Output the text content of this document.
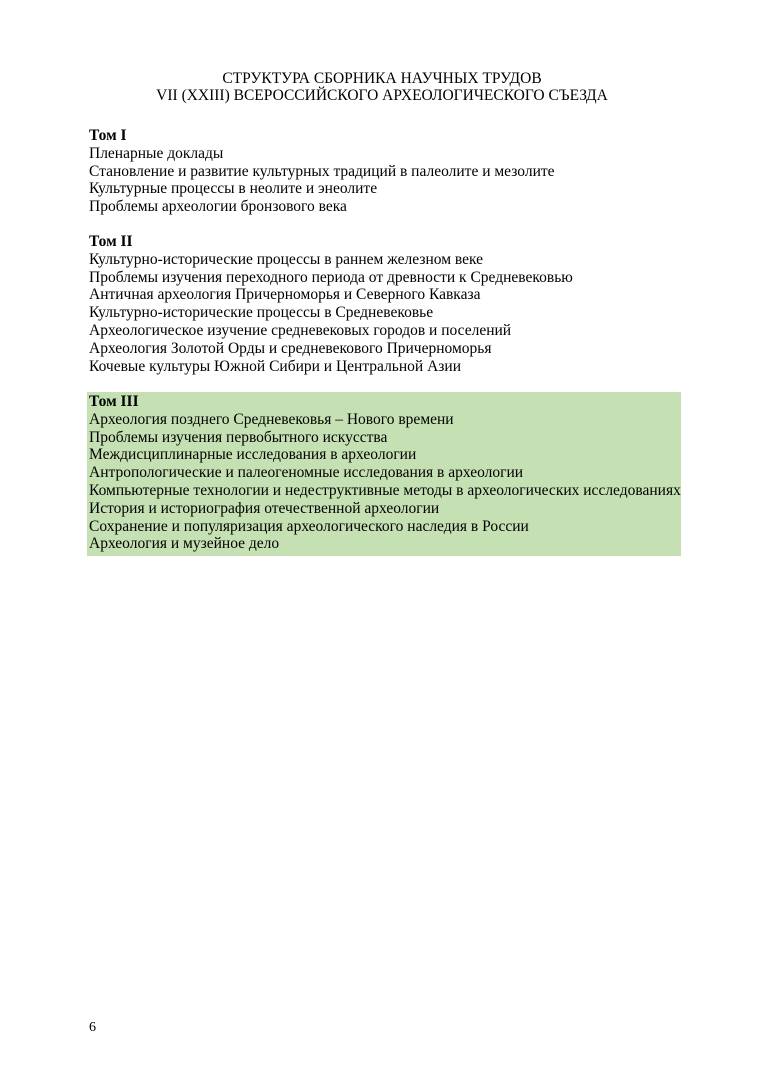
СТРУКТУРА СБОРНИКА НАУЧНЫХ ТРУДОВ
VII (XXIII) ВСЕРОССИЙСКОГО АРХЕОЛОГИЧЕСКОГО СЪЕЗДА
Том I
Пленарные доклады
Становление и развитие культурных традиций в палеолите и мезолите
Культурные процессы в неолите и энеолите
Проблемы археологии бронзового века
Том II
Культурно-исторические процессы в раннем железном веке
Проблемы изучения переходного периода от древности к Средневековью
Античная археология Причерноморья и Северного Кавказа
Культурно-исторические процессы в Средневековье
Археологическое изучение средневековых городов и поселений
Археология Золотой Орды и средневекового Причерноморья
Кочевые культуры Южной Сибири и Центральной Азии
Том III
Археология позднего Средневековья – Нового времени
Проблемы изучения первобытного искусства
Междисциплинарные исследования в археологии
Антропологические и палеогеномные исследования в археологии
Компьютерные технологии и недеструктивные методы в археологических исследованиях
История и историография отечественной археологии
Сохранение и популяризация археологического наследия в России
Археология и музейное дело
6
